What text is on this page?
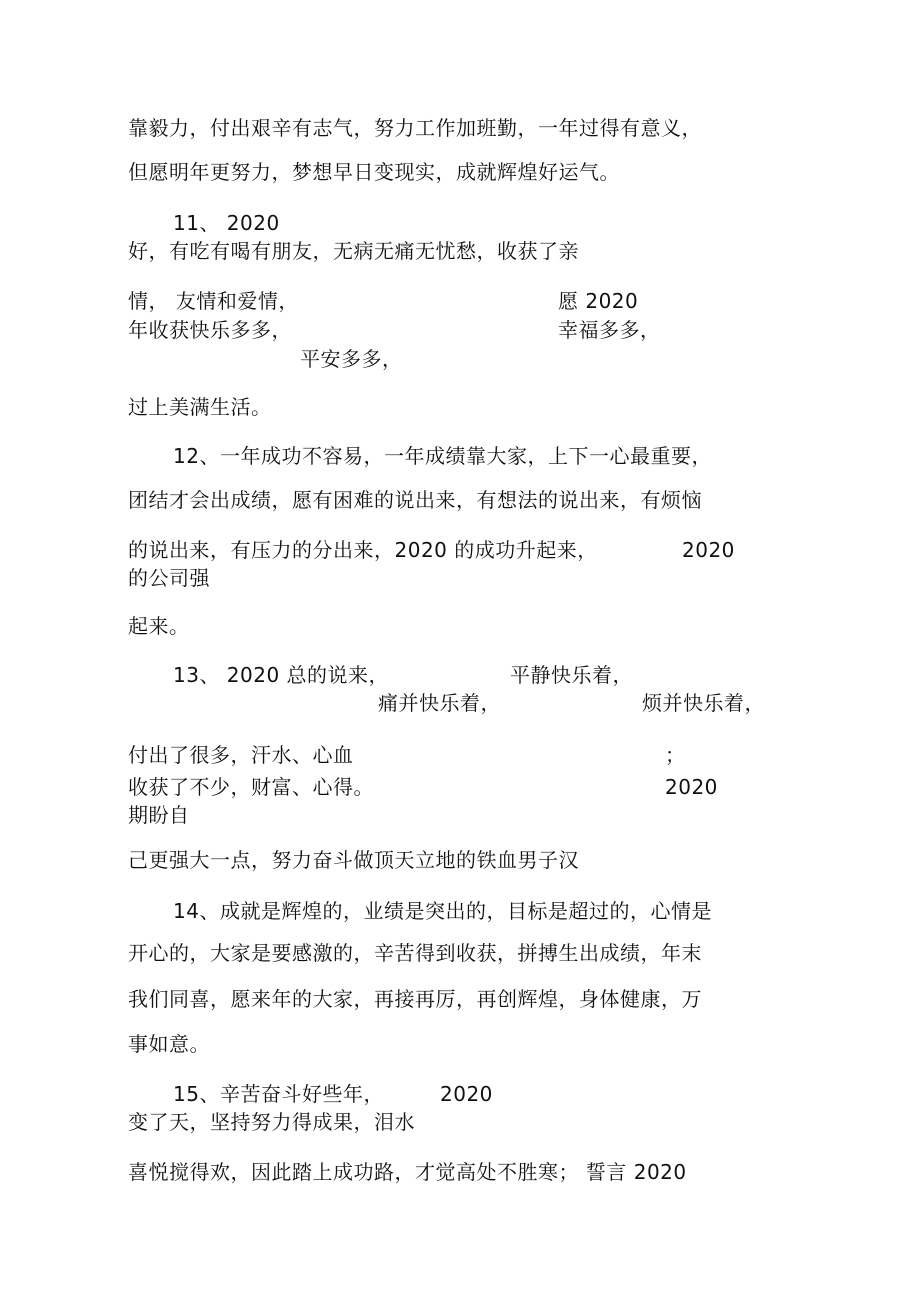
靠毅力，付出艰辛有志气，努力工作加班勤，一年过得有意义，
但愿明年更努力，梦想早日变现实，成就辉煌好运气。
11、 2020
好，有吃有喝有朋友，无病无痛无忧愁，收获了亲
情， 友情和爱情，	愿 2020
年收获快乐多多，	幸福多多，
平安多多，
过上美满生活。
12、一年成功不容易，一年成绩靠大家，上下一心最重要，
团结才会出成绩，愿有困难的说出来，有想法的说出来，有烦恼
的说出来，有压力的分出来，2020 的成功升起来，	2020
的公司强
起来。
13、 2020 总的说来，	平静快乐着，
痛并快乐着，	烦并快乐着，
付出了很多，汗水、心血	；
收获了不少，财富、心得。	2020
期盼自
己更强大一点，努力奋斗做顶天立地的铁血男子汉
14、成就是辉煌的，业绩是突出的，目标是超过的，心情是
开心的，大家是要感激的，辛苦得到收获，拼搏生出成绩，年末
我们同喜，愿来年的大家，再接再厉，再创辉煌，身体健康，万
事如意。
15、辛苦奋斗好些年，	2020
变了天，坚持努力得成果，泪水
喜悦搅得欢，因此踏上成功路，才觉高处不胜寒； 誓言 2020
